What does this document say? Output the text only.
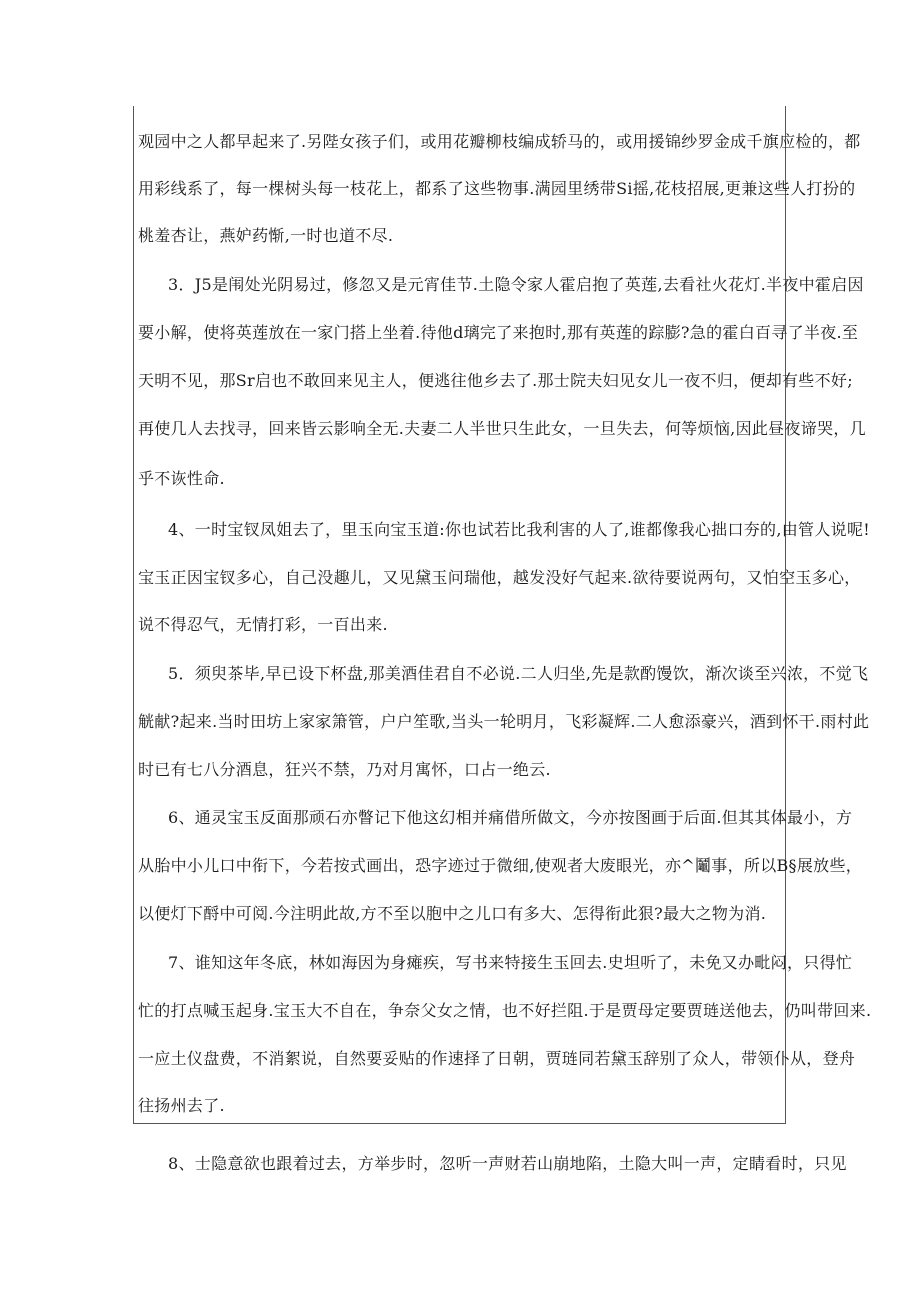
观园中之人都早起来了.另陛女孩子们，或用花瓣柳枝编成轿马的，或用援锦纱罗金成千旗应检的，都
用彩线系了，每一棵树头每一枝花上，都系了这些物事.满园里绣带Si摇,花枝招展,更兼这些人打扮的
桃羞杏让，燕妒药惭,一时也道不尽.
3．J5是闱处光阴易过，修忽又是元宵佳节.土隐令家人霍启抱了英莲,去看社火花灯.半夜中霍启因
要小解，使将英莲放在一家门搭上坐着.待他d璃完了来抱时,那有英莲的踪膨?急的霍白百寻了半夜.至
天明不见，那Sr启也不敢回来见主人，便逃往他乡去了.那士院夫妇见女儿一夜不归，便却有些不好;
再使几人去找寻，回来皆云影响全无.夫妻二人半世只生此女，一旦失去，何等烦恼,因此昼夜谛哭，几
乎不诙性命.
4、一时宝钗凤姐去了，里玉向宝玉道:你也试若比我利害的人了,谁都像我心拙口夯的,由管人说呢!
宝玉正因宝钗多心，自己没趣儿，又见黛玉问瑞他，越发没好气起来.欲待要说两句，又怕空玉多心，
说不得忍气，无情打彩，一百出来.
5．须臾茶毕,早已设下杯盘,那美酒佳君自不必说.二人归坐,先是款酌馒饮，渐次谈至兴浓，不觉飞
觥献?起来.当时田坊上家家箫管，户户笙歌,当头一轮明月，飞彩凝辉.二人愈添豪兴，酒到怀干.雨村此
时已有七八分酒息，狂兴不禁，乃对月寓怀，口占一绝云.
6、通灵宝玉反面那顽石亦瞥记下他这幻相并痛借所做文，今亦按图画于后面.但其其体最小，方
从胎中小儿口中衔下，今若按式画出，恐字迹过于微细,使观者大废眼光，亦^鬮事，所以B§展放些，
以便灯下酹中可阅.今注明此故,方不至以胞中之儿口有多大、怎得衔此狠?最大之物为消.
7、谁知这年冬底，林如海因为身瘫疾，写书来特接生玉回去.史坦听了，未免又办毗闷，只得忙
忙的打点喊玉起身.宝玉大不自在，争奈父女之情，也不好拦阻.于是贾母定要贾琏送他去，仍叫带回来.
一应土仪盘费，不消絮说，自然要妥贴的作速择了日朝，贾琏同若黛玉辞别了众人，带领仆从，登舟
往扬州去了.
8、士隐意欲也跟着过去，方举步时，忽听一声财若山崩地陷，土隐大叫一声，定睛看时，只见
